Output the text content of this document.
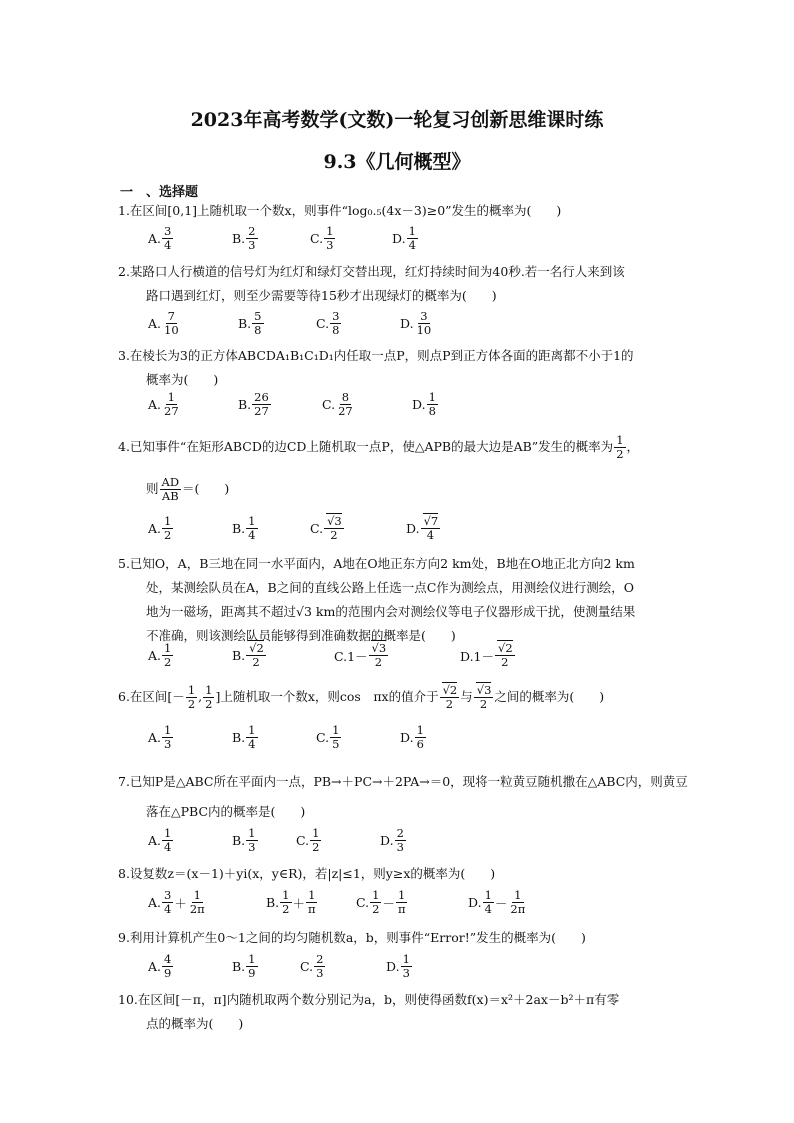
2023年高考数学(文数)一轮复习创新思维课时练
9.3《几何概型》
一　、选择题
1.在区间[0,1]上随机取一个数x，则事件“log₀.₅(4x－3)≥0”发生的概率为(　　)
A. $\frac{3}{4}$	B. $\frac{2}{3}$	C. $\frac{1}{3}$	D. $\frac{1}{4}$
2.某路口人行横道的信号灯为红灯和绿灯交替出现，红灯持续时间为40秒.若一名行人来到该
路口遇到红灯，则至少需要等待15秒才出现绿灯的概率为(　　)
A. $\frac{7}{10}$	B. $\frac{5}{8}$	C. $\frac{3}{8}$	D. $\frac{3}{10}$
3.在棱长为3的正方体ABCDA₁B₁C₁D₁内任取一点P，则点P到正方体各面的距离都不小于1的
概率为(　　)
A. $\frac{1}{27}$	B. $\frac{26}{27}$	C. $\frac{8}{27}$	D. $\frac{1}{8}$
4.已知事件“在矩形ABCD的边CD上随机取一点P，使△APB的最大边是AB”发生的概率为 $\frac{1}{2}$ ，
则 $\frac{AD}{AB}$ ＝(　　)
A. $\frac{1}{2}$	B. $\frac{1}{4}$	C. $\frac{√3}{2}$	D. $\frac{√7}{4}$
5.已知O，A，B三地在同一水平面内，A地在O地正东方向2 km处，B地在O地正北方向2 km
处，某测绘队员在A，B之间的直线公路上任选一点C作为测绘点，用测绘仪进行测绘，O
地为一磁场，距离其不超过√3 km的范围内会对测绘仪等电子仪器形成干扰，使测量结果
不准确，则该测绘队员能够得到准确数据的概率是(　　)
A. $\frac{1}{2}$	B. $\frac{√2}{2}$	$C.1- \frac{√3}{2}$	$D.1- \frac{√2}{2}$
6.在区间[－ $\frac{1}{2}$ , $\frac{1}{2}$ ]上随机取一个数x，则cos　πx的值介于 $\frac{√2}{2}$ 与 $\frac{√3}{2}$ 之间的概率为(　　)
A. $\frac{1}{3}$	B. $\frac{1}{4}$	C. $\frac{1}{5}$	D. $\frac{1}{6}$
7.已知P是△ABC所在平面内一点，PB→＋PC→＋2PA→＝0，现将一粒黄豆随机撒在△ABC内，则黄豆
落在△PBC内的概率是(　　)
A. $\frac{1}{4}$	B. $\frac{1}{3}$	C. $\frac{1}{2}$	D. $\frac{2}{3}$
8.设复数z＝(x－1)＋yi(x，y∈R)，若|z|≤1，则y≥x的概率为(　　)
A. $\frac{3}{4} + \frac{1}{2\pi}$	B. $\frac{1}{2} + \frac{1}{\pi}$	C. $\frac{1}{2} - \frac{1}{\pi}$	D. $\frac{1}{4} - \frac{1}{2\pi}$
9.利用计算机产生0～1之间的均匀随机数a，b，则事件“Error!”发生的概率为(　　)
A. $\frac{4}{9}$	B. $\frac{1}{9}$	C. $\frac{2}{3}$	D. $\frac{1}{3}$
10.在区间[－π，π]内随机取两个数分别记为a，b，则使得函数f(x)＝x²＋2ax－b²＋π有零
点的概率为(　　)
